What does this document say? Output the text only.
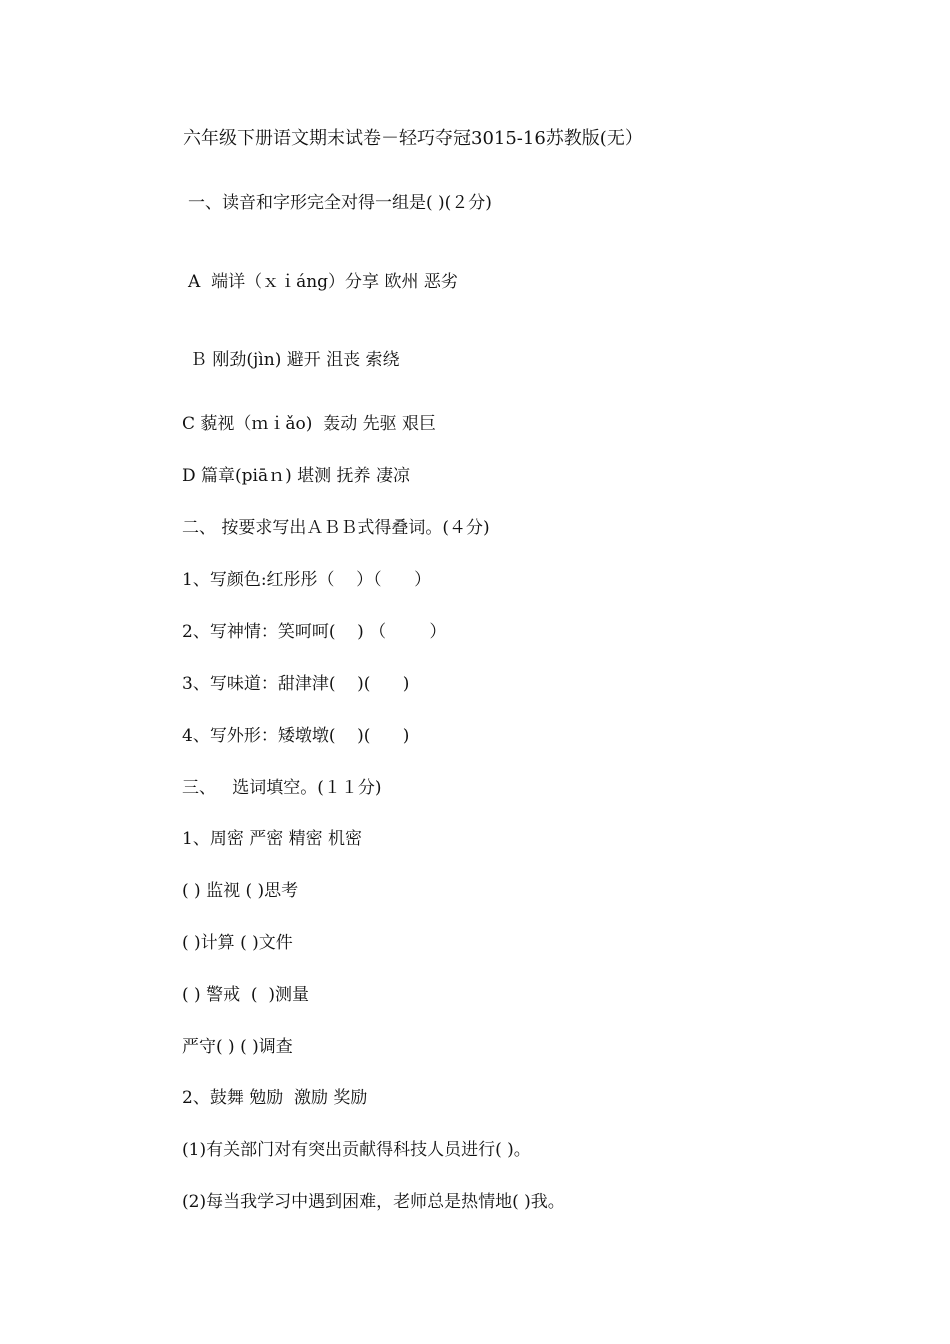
六年级下册语文期末试卷－轻巧夺冠3015-16苏教版(无）
一、读音和字形完全对得一组是( )(２分)
A  端详（ｘｉáng）分享 欧州 恶劣
Ｂ 刚劲(jìn) 避开 沮丧 索绕
C 藐视（ｍｉǎo)  轰动 先驱 艰巨
D 篇章(piāｎ) 堪测 抚养 凄凉
二、 按要求写出ＡＢＢ式得叠词。(４分)
1、写颜色:红彤彤（    ）（      ）
2、写神情：笑呵呵(    ) （        ）
3、写味道：甜津津(    )(      )
4、写外形：矮墩墩(    )(      )
三、   选词填空。(１１分)
1、周密 严密 精密 机密
( ) 监视 ( )思考
( )计算 ( )文件
( ) 警戒  (  )测量
严守( ) ( )调查
2、鼓舞 勉励  激励 奖励
(1)有关部门对有突出贡献得科技人员进行( )。
(2)每当我学习中遇到困难，老师总是热情地( )我。
